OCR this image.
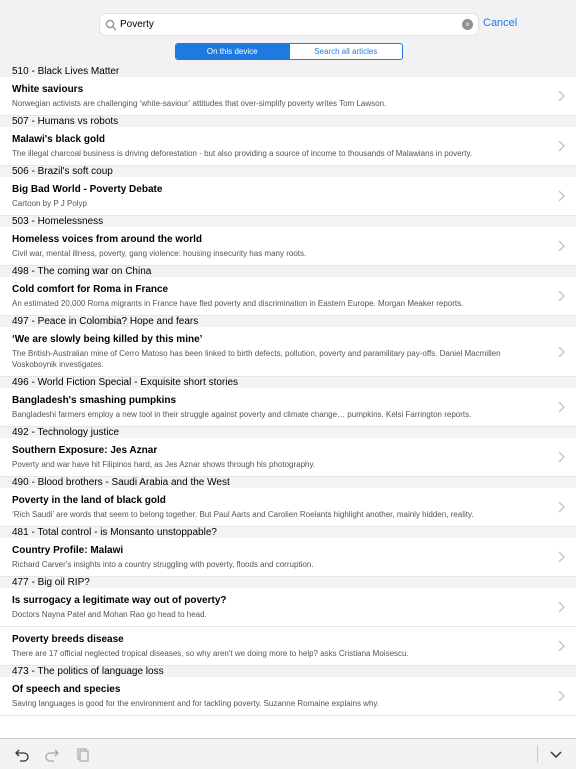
Poverty
× Cancel
On this device	Search all articles
510 - Black Lives Matter
White saviours
Norwegian activists are challenging ‘white-saviour’ attitudes that over-simplify poverty writes Tom Lawson.
507 - Humans vs robots
Malawi's black gold
The illegal charcoal business is driving deforestation - but also providing a source of income to thousands of Malawians in poverty.
506 - Brazil's soft coup
Big Bad World - Poverty Debate
Cartoon by P J Polyp
503 - Homelessness
Homeless voices from around the world
Civil war, mental illness, poverty, gang violence: housing insecurity has many roots.
498 - The coming war on China
Cold comfort for Roma in France
An estimated 20,000 Roma migrants in France have fled poverty and discrimination in Eastern Europe. Morgan Meaker reports.
497 - Peace in Colombia? Hope and fears
‘We are slowly being killed by this mine’
The British-Australian mine of Cerro Matoso has been linked to birth defects, pollution, poverty and paramilitary pay-offs. Daniel Macmillen Voskoboynik investigates.
496 - World Fiction Special - Exquisite short stories
Bangladesh's smashing pumpkins
Bangladeshi farmers employ a new tool in their struggle against poverty and climate change… pumpkins. Kelsi Farrington reports.
492 - Technology justice
Southern Exposure: Jes Aznar
Poverty and war have hit Filipinos hard, as Jes Aznar shows through his photography.
490 - Blood brothers - Saudi Arabia and the West
Poverty in the land of black gold
‘Rich Saudi’ are words that seem to belong together. But Paul Aarts and Carolien Roelants highlight another, mainly hidden, reality.
481 - Total control - is Monsanto unstoppable?
Country Profile: Malawi
Richard Carver's insights into a country struggling with poverty, floods and corruption.
477 - Big oil RIP?
Is surrogacy a legitimate way out of poverty?
Doctors Nayna Patel and Mohan Rao go head to head.
Poverty breeds disease
There are 17 official neglected tropical diseases, so why aren't we doing more to help? asks Cristiana Moisescu.
473 - The politics of language loss
Of speech and species
Saving languages is good for the environment and for tackling poverty. Suzanne Romaine explains why.
